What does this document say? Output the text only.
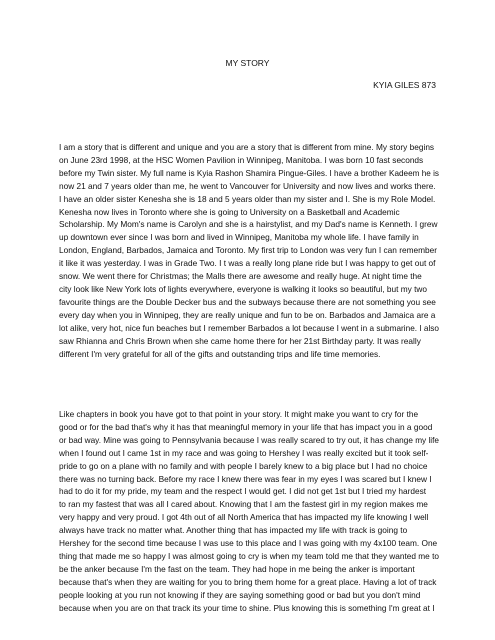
MY STORY
KYIA GILES 873

I am a story that is different and unique and you are a story that is different from mine. My story begins
on June 23rd 1998, at the HSC Women Pavilion in Winnipeg, Manitoba. I was born 10 fast seconds
before my Twin sister. My full name is Kyia Rashon Shamira Pingue-Giles. I have a brother Kadeem he is
now 21 and 7 years older than me, he went to Vancouver for University and now lives and works there.
I have an older sister Kenesha she is 18 and 5 years older than my sister and I. She is my Role Model.
Kenesha now lives in Toronto where she is going to University on a Basketball and Academic
Scholarship. My Mom's name is Carolyn and she is a hairstylist, and my Dad's name is Kenneth. I grew
up downtown ever since I was born and lived in Winnipeg, Manitoba my whole life. I have family in
London, England, Barbados, Jamaica and Toronto. My first trip to London was very fun I can remember
it like it was yesterday. I was in Grade Two. I t was a really long plane ride but I was happy to get out of
snow. We went there for Christmas; the Malls there are awesome and really huge. At night time the
city look like New York lots of lights everywhere, everyone is walking it looks so beautiful, but my two
favourite things are the Double Decker bus and the subways because there are not something you see
every day when you in Winnipeg, they are really unique and fun to be on. Barbados and Jamaica are a
lot alike, very hot, nice fun beaches but I remember Barbados a lot because I went in a submarine. I also
saw Rhianna and Chris Brown when she came home there for her 21st Birthday party. It was really
different I'm very grateful for all of the gifts and outstanding trips and life time memories.

Like chapters in book you have got to that point in your story. It might make you want to cry for the
good or for the bad that's why it has that meaningful memory in your life that has impact you in a good
or bad way. Mine was going to Pennsylvania because I was really scared to try out, it has change my life
when I found out I came 1st in my race and was going to Hershey I was really excited but it took self-
pride to go on a plane with no family and with people I barely knew to a big place but I had no choice
there was no turning back. Before my race I knew there was fear in my eyes I was scared but I knew I
had to do it for my pride, my team and the respect I would get. I did not get 1st but I tried my hardest
to ran my fastest that was all I cared about. Knowing that I am the fastest girl in my region makes me
very happy and very proud. I got 4th out of all North America that has impacted my life knowing I well
always have track no matter what. Another thing that has impacted my life with track is going to
Hershey for the second time because I was use to this place and I was going with my 4x100 team. One
thing that made me so happy I was almost going to cry is when my team told me that they wanted me to
be the anker because I'm the fast on the team. They had hope in me being the anker is important
because that's when they are waiting for you to bring them home for a great place. Having a lot of track
people looking at you run not knowing if they are saying something good or bad but you don't mind
because when you are on that track its your time to shine. Plus knowing this is something I'm great at I
